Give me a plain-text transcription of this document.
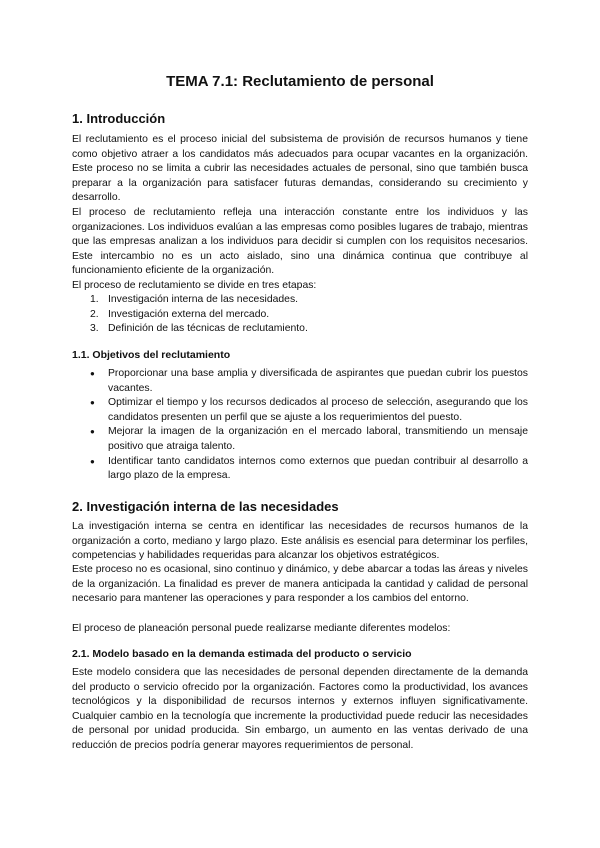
TEMA 7.1: Reclutamiento de personal
1. Introducción

El reclutamiento es el proceso inicial del subsistema de provisión de recursos humanos y tiene como objetivo atraer a los candidatos más adecuados para ocupar vacantes en la organización. Este proceso no se limita a cubrir las necesidades actuales de personal, sino que también busca preparar a la organización para satisfacer futuras demandas, considerando su crecimiento y desarrollo.

El proceso de reclutamiento refleja una interacción constante entre los individuos y las organizaciones. Los individuos evalúan a las empresas como posibles lugares de trabajo, mientras que las empresas analizan a los individuos para decidir si cumplen con los requisitos necesarios. Este intercambio no es un acto aislado, sino una dinámica continua que contribuye al funcionamiento eficiente de la organización.

El proceso de reclutamiento se divide en tres etapas:

1. Investigación interna de las necesidades.
2. Investigación externa del mercado.
3. Definición de las técnicas de reclutamiento.
1.1. Objetivos del reclutamiento
● Proporcionar una base amplia y diversificada de aspirantes que puedan cubrir los puestos vacantes.
● Optimizar el tiempo y los recursos dedicados al proceso de selección, asegurando que los candidatos presenten un perfil que se ajuste a los requerimientos del puesto.
● Mejorar la imagen de la organización en el mercado laboral, transmitiendo un mensaje positivo que atraiga talento.
● Identificar tanto candidatos internos como externos que puedan contribuir al desarrollo a largo plazo de la empresa.
2. Investigación interna de las necesidades

La investigación interna se centra en identificar las necesidades de recursos humanos de la organización a corto, mediano y largo plazo. Este análisis es esencial para determinar los perfiles, competencias y habilidades requeridas para alcanzar los objetivos estratégicos.

Este proceso no es ocasional, sino continuo y dinámico, y debe abarcar a todas las áreas y niveles de la organización. La finalidad es prever de manera anticipada la cantidad y calidad de personal necesario para mantener las operaciones y para responder a los cambios del entorno.

El proceso de planeación personal puede realizarse mediante diferentes modelos:

2.1. Modelo basado en la demanda estimada del producto o servicio

Este modelo considera que las necesidades de personal dependen directamente de la demanda del producto o servicio ofrecido por la organización. Factores como la productividad, los avances tecnológicos y la disponibilidad de recursos internos y externos influyen significativamente. Cualquier cambio en la tecnología que incremente la productividad puede reducir las necesidades de personal por unidad producida. Sin embargo, un aumento en las ventas derivado de una reducción de precios podría generar mayores requerimientos de personal.
